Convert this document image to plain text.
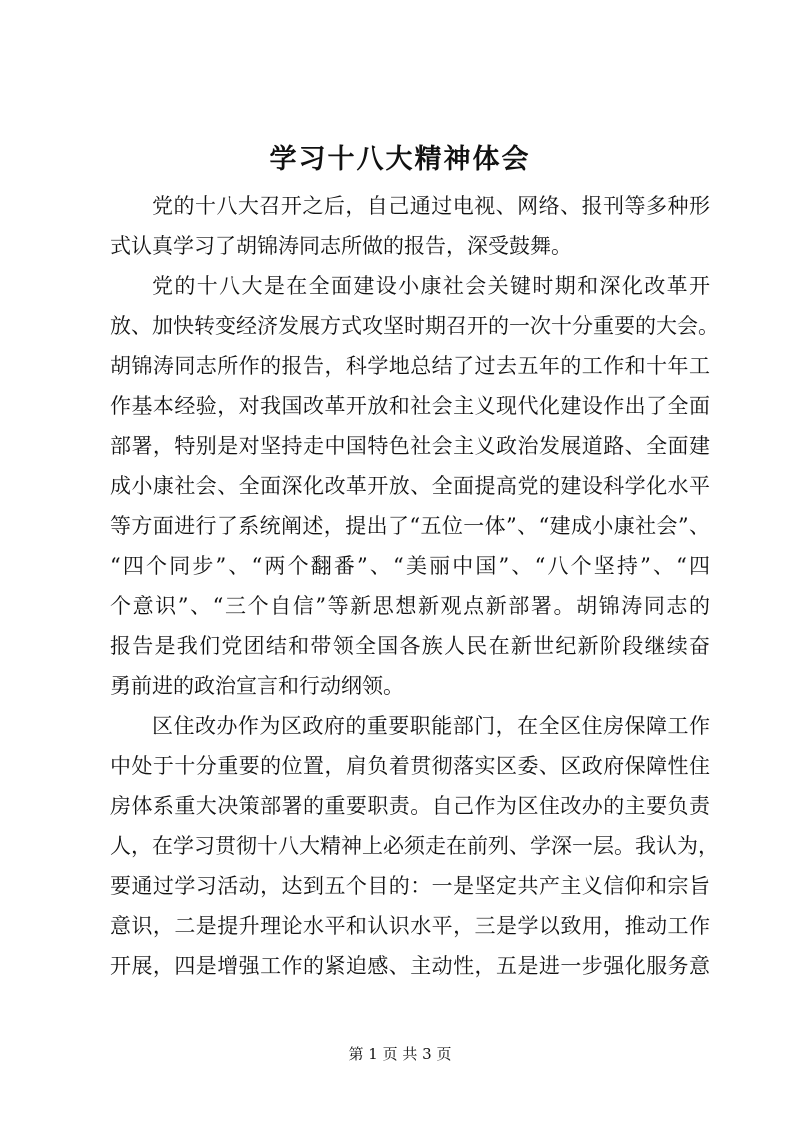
学习十八大精神体会
党的十八大召开之后，自己通过电视、网络、报刊等多种形
式认真学习了胡锦涛同志所做的报告，深受鼓舞。
党的十八大是在全面建设小康社会关键时期和深化改革开
放、加快转变经济发展方式攻坚时期召开的一次十分重要的大会。
胡锦涛同志所作的报告，科学地总结了过去五年的工作和十年工
作基本经验，对我国改革开放和社会主义现代化建设作出了全面
部署，特别是对坚持走中国特色社会主义政治发展道路、全面建
成小康社会、全面深化改革开放、全面提高党的建设科学化水平
等方面进行了系统阐述，提出了“五位一体”、“建成小康社会”、
“四个同步”、“两个翻番”、“美丽中国”、“八个坚持”、“四
个意识”、“三个自信”等新思想新观点新部署。胡锦涛同志的
报告是我们党团结和带领全国各族人民在新世纪新阶段继续奋
勇前进的政治宣言和行动纲领。
区住改办作为区政府的重要职能部门，在全区住房保障工作
中处于十分重要的位置，肩负着贯彻落实区委、区政府保障性住
房体系重大决策部署的重要职责。自己作为区住改办的主要负责
人，在学习贯彻十八大精神上必须走在前列、学深一层。我认为，
要通过学习活动，达到五个目的：一是坚定共产主义信仰和宗旨
意识，二是提升理论水平和认识水平，三是学以致用，推动工作
开展，四是增强工作的紧迫感、主动性，五是进一步强化服务意
第 1 页 共 3 页
